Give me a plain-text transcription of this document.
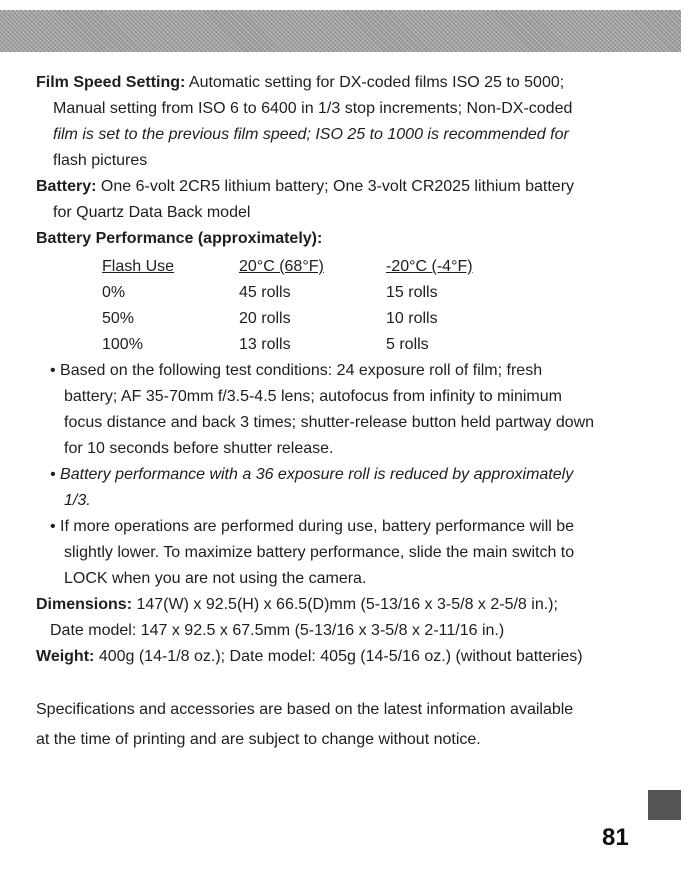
Film Speed Setting: Automatic setting for DX-coded films ISO 25 to 5000;
Manual setting from ISO 6 to 6400 in 1/3 stop increments; Non-DX-coded
film is set to the previous film speed; ISO 25 to 1000 is recommended for
flash pictures

Battery: One 6-volt 2CR5 lithium battery; One 3-volt CR2025 lithium battery
for Quartz Data Back model

Battery Performance (approximately):

Flash Use	20°C (68°F)	-20°C (-4°F)
0%	45 rolls	15 rolls
50%	20 rolls	10 rolls
100%	13 rolls	5 rolls

• Based on the following test conditions: 24 exposure roll of film; fresh
battery; AF 35-70mm f/3.5-4.5 lens; autofocus from infinity to minimum
focus distance and back 3 times; shutter-release button held partway down
for 10 seconds before shutter release.

• Battery performance with a 36 exposure roll is reduced by approximately
1/3.

• If more operations are performed during use, battery performance will be
slightly lower. To maximize battery performance, slide the main switch to
LOCK when you are not using the camera.

Dimensions: 147(W) x 92.5(H) x 66.5(D)mm (5-13/16 x 3-5/8 x 2-5/8 in.);
Date model: 147 x 92.5 x 67.5mm (5-13/16 x 3-5/8 x 2-11/16 in.)

Weight: 400g (14-1/8 oz.); Date model: 405g (14-5/16 oz.) (without batteries)

Specifications and accessories are based on the latest information available
at the time of printing and are subject to change without notice.

81
